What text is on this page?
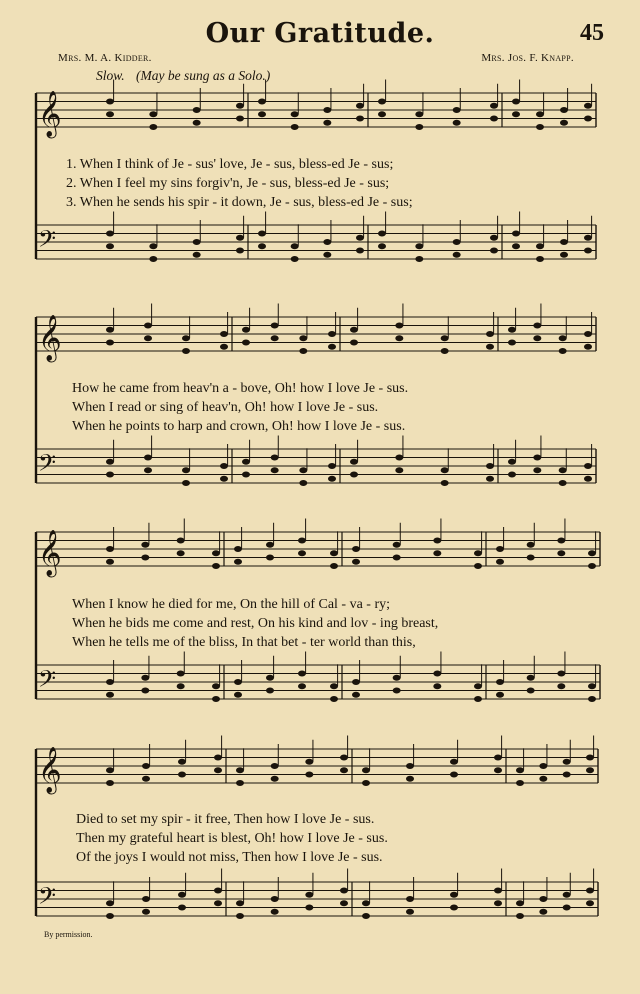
Our Gratitude.	45
Mrs. M. A. Kidder.	Mrs. Jos. F. Knapp.
Slow. (May be sung as a Solo.)
𝄞
𝄢
𝄞
𝄢
𝄞
𝄢
𝄞
𝄢
1. When I think of Je - sus' love, Je - sus, bless-ed Je - sus;
2. When I feel my sins forgiv'n, Je - sus, bless-ed Je - sus;
3. When he sends his spir - it down, Je - sus, bless-ed Je - sus;
How he came from heav'n a - bove, Oh! how I love Je - sus.
When I read or sing of heav'n, Oh! how I love Je - sus.
When he points to harp and crown, Oh! how I love Je - sus.
When I know he died for me, On the hill of Cal - va - ry;
When he bids me come and rest, On his kind and lov - ing breast,
When he tells me of the bliss, In that bet - ter world than this,
Died to set my spir - it free, Then how I love Je - sus.
Then my grateful heart is blest, Oh! how I love Je - sus.
Of the joys I would not miss, Then how I love Je - sus.
By permission.
